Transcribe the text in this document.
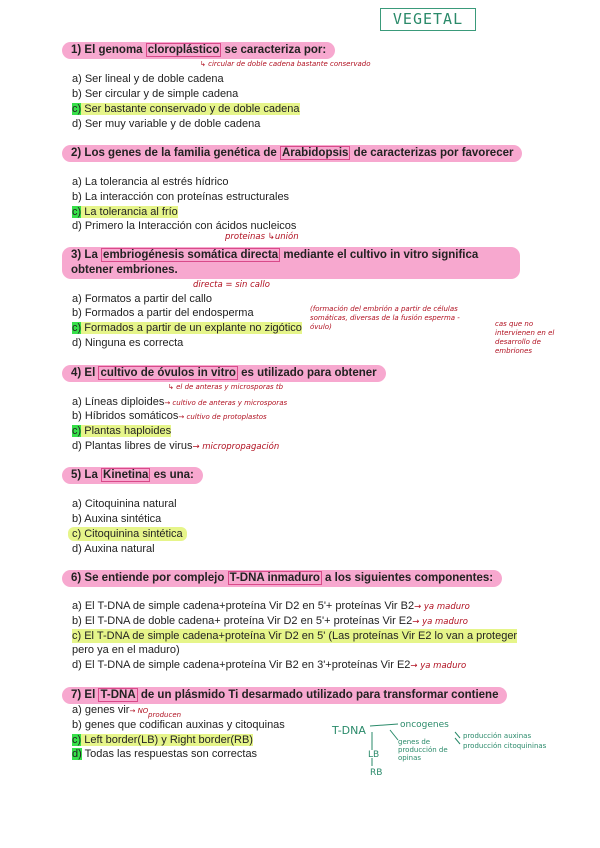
VEGETAL
1) El genoma cloroplástico se caracteriza por:
↳ circular de doble cadena bastante conservado
a) Ser lineal y de doble cadena
b) Ser circular y de simple cadena
c) Ser bastante conservado y de doble cadena
d) Ser muy variable y de doble cadena
2) Los genes de la familia genética de Arabidopsis de caracterizas por favorecer
a) La tolerancia al estrés hídrico
b) La interacción con proteínas estructurales
c) La tolerancia al frío
d) Primero la Interacción con ácidos nucleicos
proteinas ↳unión
3) La embriogénesis somática directa mediante el cultivo in vitro significa obtener embriones.
directa = sin callo
a) Formatos a partir del callo
b) Formados a partir del endosperma
c) Formados a partir de un explante no zigótico
d) Ninguna es correcta
(formación del embrión a partir de células somáticas, diversas de la fusión esperma - óvulo)	cas que no intervienen en el desarrollo de embriones
4) El cultivo de óvulos in vitro es utilizado para obtener
↳ el de anteras y microsporas tb
a) Líneas diploides→ cultivo de anteras y microsporas
b) Híbridos somáticos→ cultivo de protoplastos
c) Plantas haploides
d) Plantas libres de virus→ micropropagación
5) La Kinetina es una:
a) Citoquinina natural
b) Auxina sintética
c) Citoquinina sintética
d) Auxina natural
6) Se entiende por complejo T-DNA inmaduro a los siguientes componentes:
a) El T-DNA de simple cadena+proteína Vir D2 en 5'+ proteínas Vir B2→ ya maduro
b) El T-DNA de doble cadena+ proteína Vir D2 en 5'+ proteínas Vir E2→ ya maduro
c) El T-DNA de simple cadena+proteína Vir D2 en 5' (Las proteínas Vir E2 lo van a proteger
pero ya en el maduro)
d) El T-DNA de simple cadena+proteína Vir B2 en 3'+proteínas Vir E2→ ya maduro
7) El T-DNA de un plásmido Ti desarmado utilizado para transformar contiene
a) genes vir→ NO producen
b) genes que codifican auxinas y citoquinas
c) Left border(LB) y Right border(RB)
d) Todas las respuestas son correctas
T-DNA	oncogenes
producción auxinas
producción citoquininas
genes de producción de opinas
LB
RB
